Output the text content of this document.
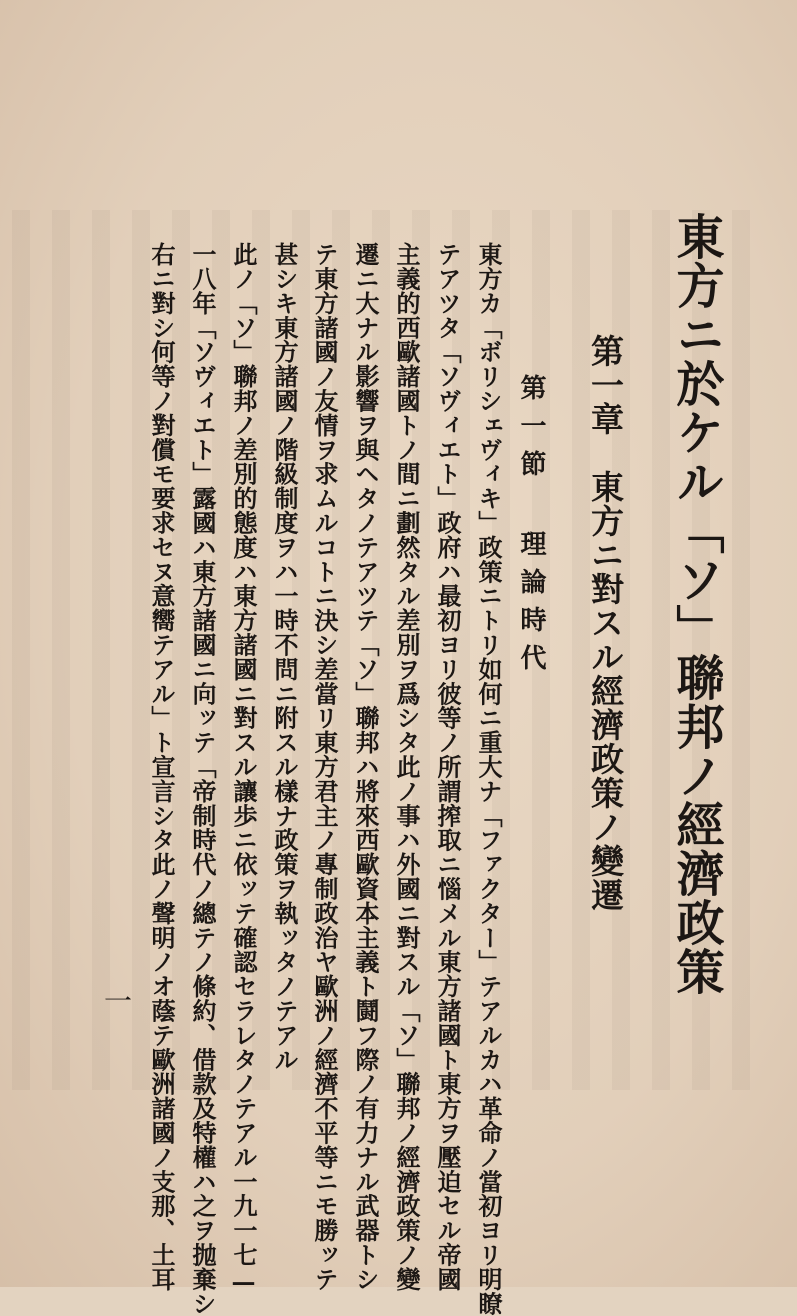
東方ニ於ケル「ソ」聯邦ノ經濟政策
第一章　東方ニ對スル經濟政策ノ變遷
第一節 理論時代
東方カ「ボリシェヴィキ」政策ニトリ如何ニ重大ナ「ファクター」テアルカハ革命ノ當初ヨリ明瞭
テアツタ「ソヴィエト」政府ハ最初ヨリ彼等ノ所謂搾取ニ惱メル東方諸國ト東方ヲ壓迫セル帝國
主義的西歐諸國トノ間ニ劃然タル差別ヲ爲シタ此ノ事ハ外國ニ對スル「ソ」聯邦ノ經濟政策ノ變
遷ニ大ナル影響ヲ與ヘタノテアツテ「ソ」聯邦ハ將來西歐資本主義ト鬪フ際ノ有力ナル武器トシ
テ東方諸國ノ友情ヲ求ムルコトニ決シ差當リ東方君主ノ專制政治ヤ歐洲ノ經濟不平等ニモ勝ッテ
甚シキ東方諸國ノ階級制度ヲハ一時不問ニ附スル樣ナ政策ヲ執ッタノテアル
此ノ「ソ」聯邦ノ差別的態度ハ東方諸國ニ對スル讓歩ニ依ッテ確認セラレタノテアル一九一七—
一八年「ソヴィエト」露國ハ東方諸國ニ向ッテ「帝制時代ノ總テノ條約、借款及特權ハ之ヲ抛棄シ
右ニ對シ何等ノ對償モ要求セヌ意嚮テアル」ト宣言シタ此ノ聲明ノオ蔭テ歐洲諸國ノ支那、土耳
一
